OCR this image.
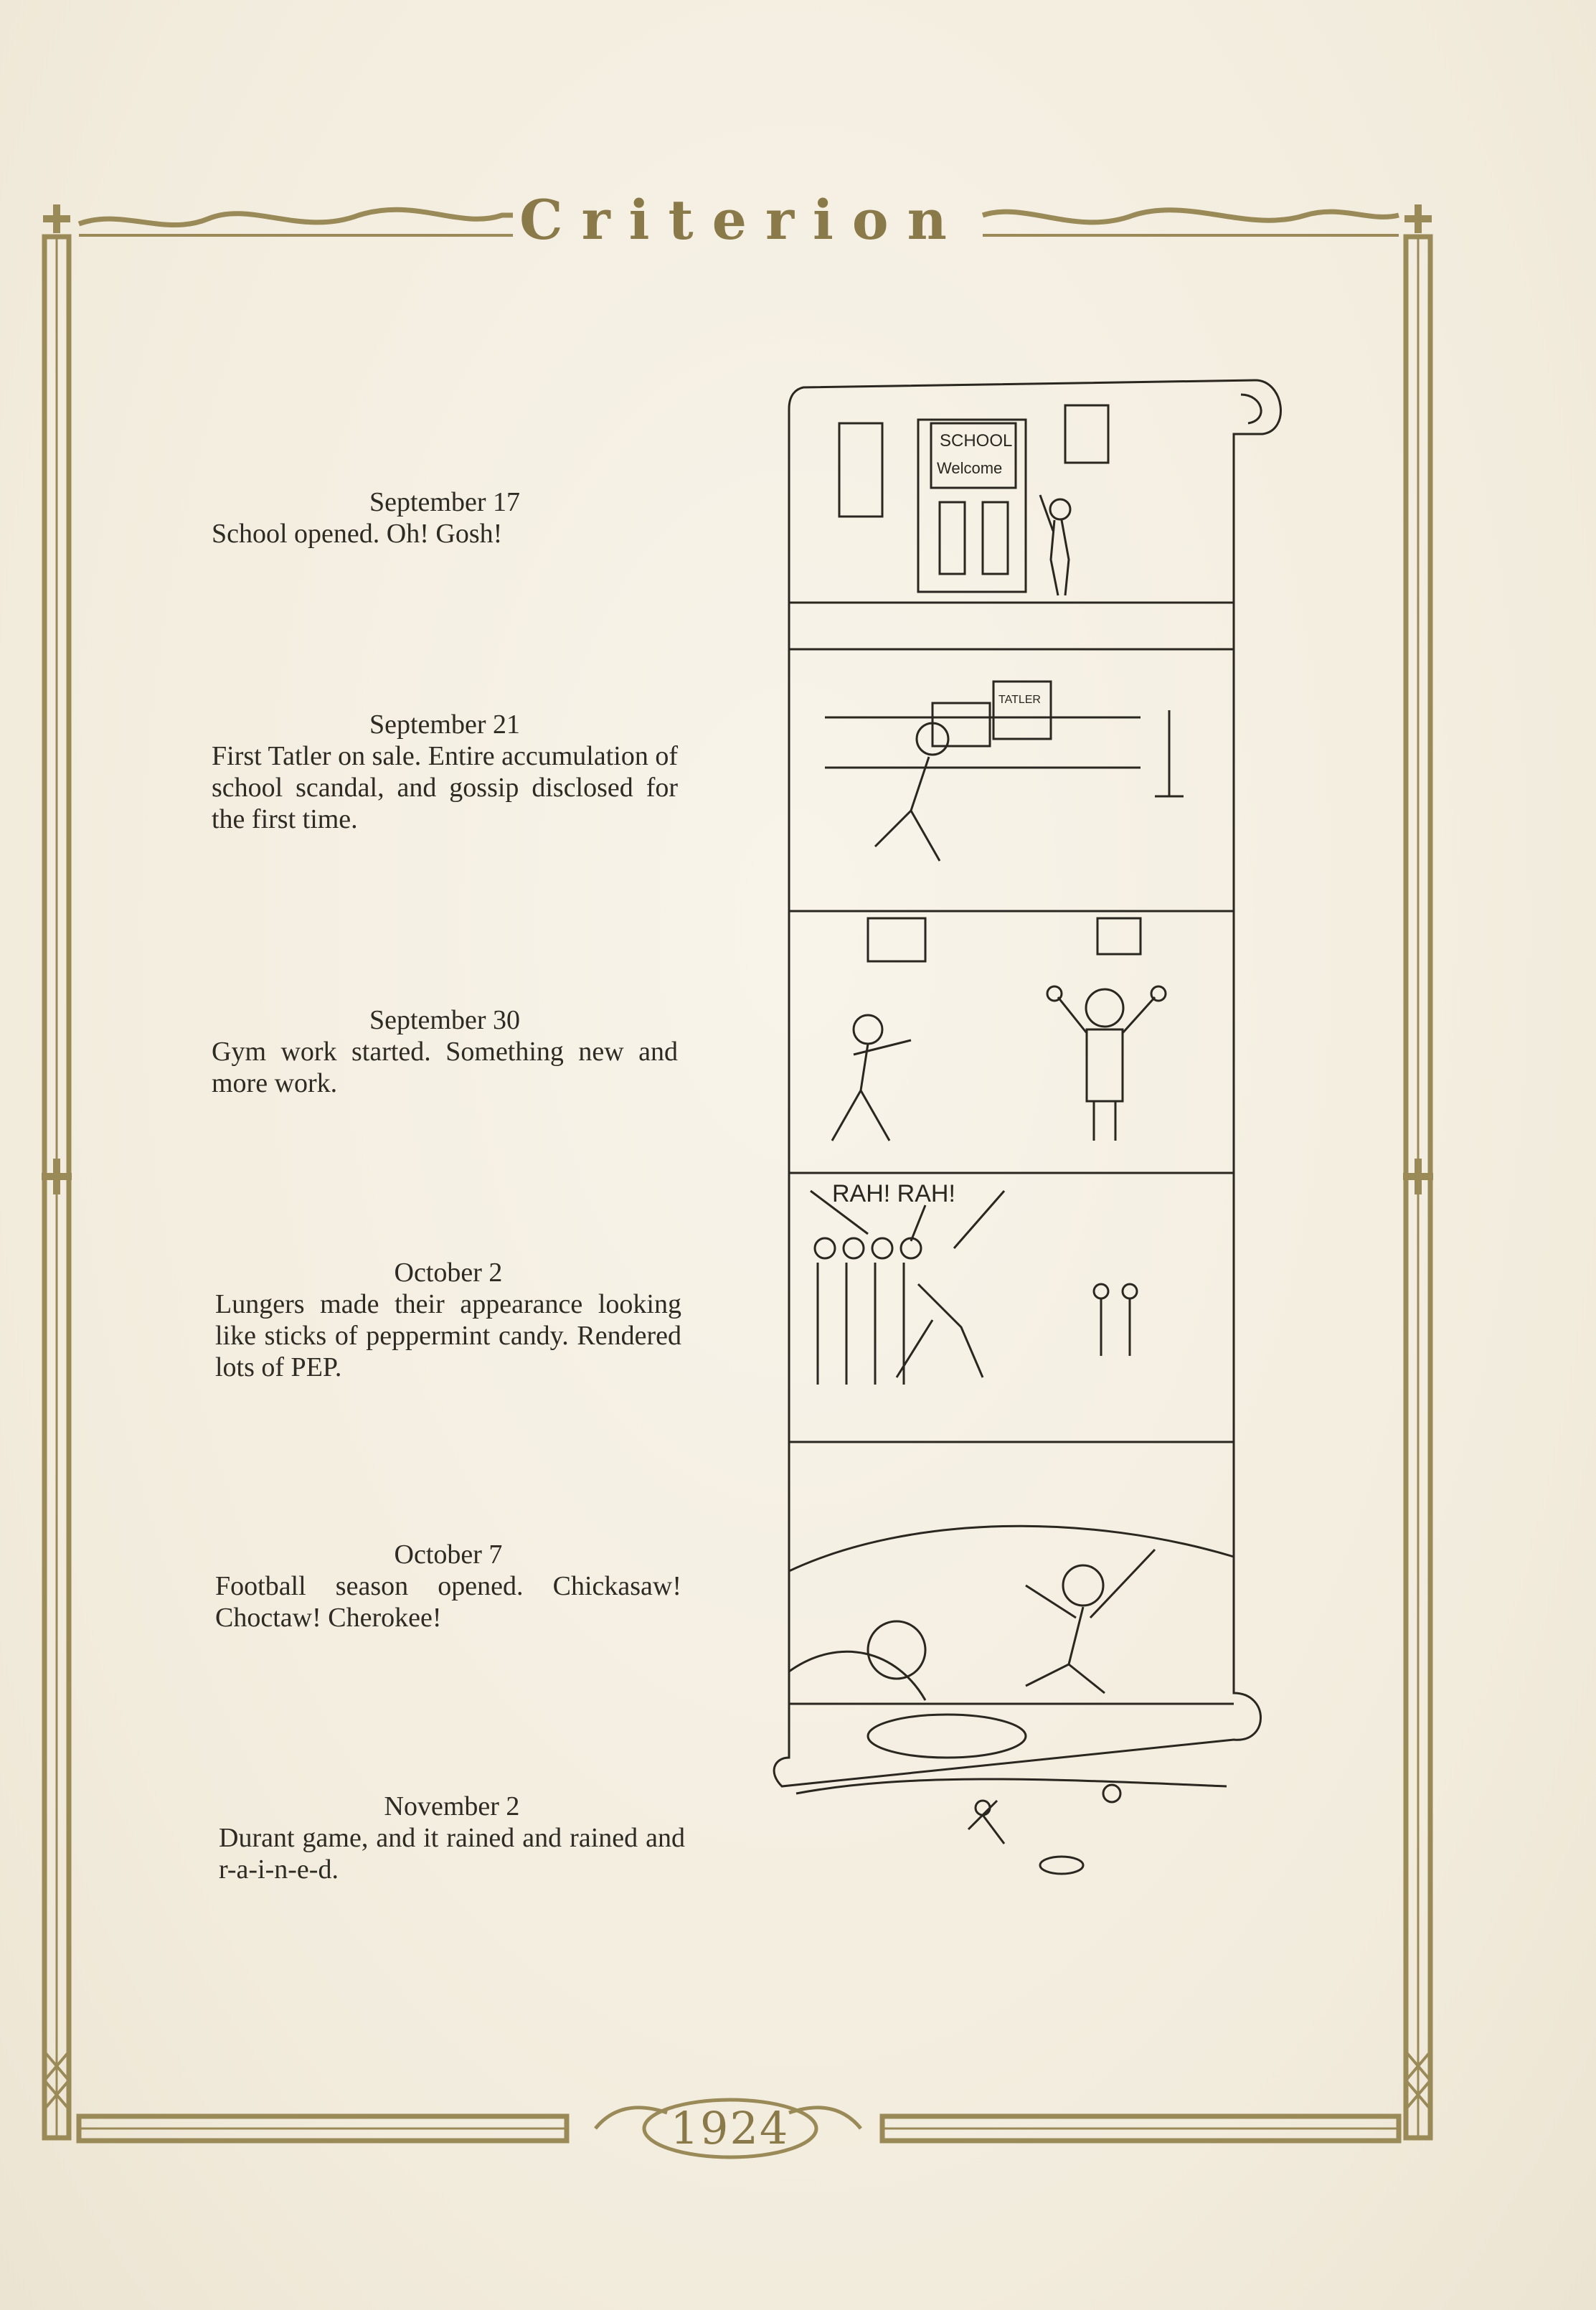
Criterion
1924
September 17
School opened. Oh! Gosh!
September 21
First Tatler on sale. Entire accumulation of school scandal, and gossip disclosed for the first time.
September 30
Gym work started. Something new and more work.
October 2
Lungers made their appearance looking like sticks of peppermint candy. Rendered lots of PEP.
October 7
Football season opened. Chickasaw! Choctaw! Cherokee!
November 2
Durant game, and it rained and rained and r-a-i-n-e-d.
SCHOOL
Welcome
TATLER
RAH! RAH!
